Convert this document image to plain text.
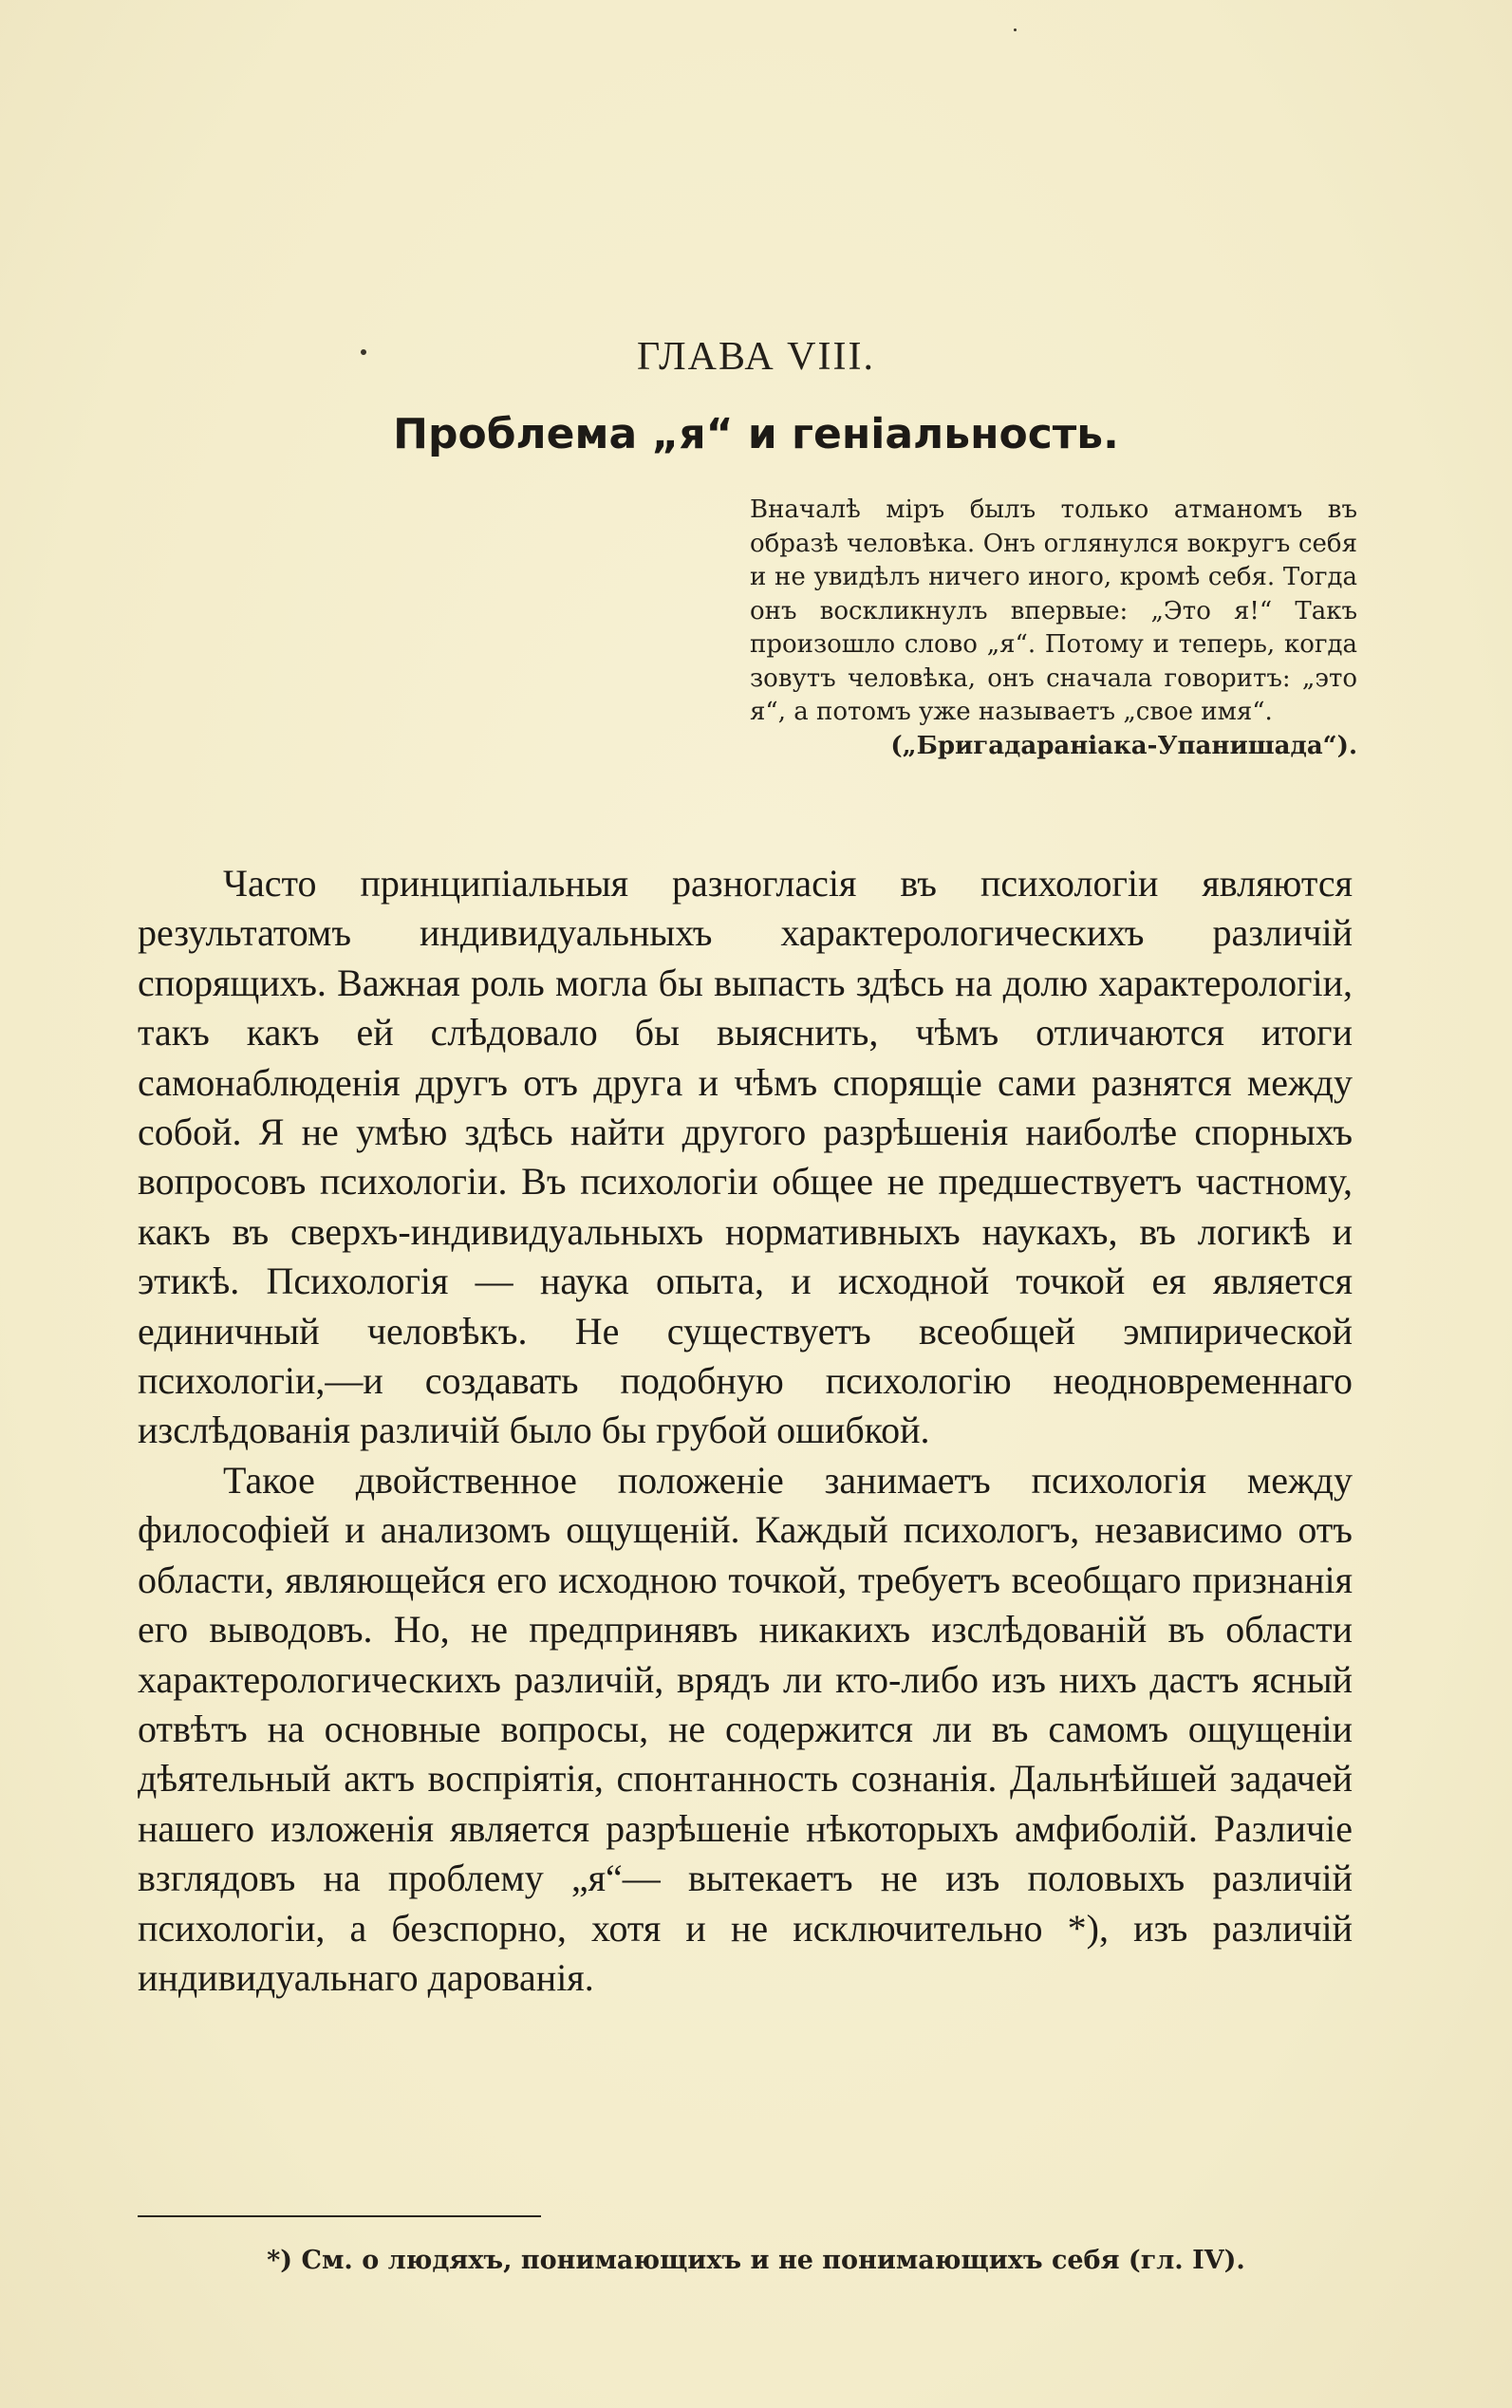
ГЛАВА VIII.
Проблема „я“ и геніальность.
Вначалѣ міръ былъ только атманомъ въ образѣ человѣка. Онъ оглянулся вокругъ себя и не увидѣлъ ничего иного, кромѣ себя. Тогда онъ воскликнулъ впервые: „Это я!“ Такъ произошло слово „я“. Потому и теперь, когда зовутъ человѣка, онъ сначала говоритъ: „это я“, а потомъ уже называетъ „свое имя“.
(„Бригадараніака-Упанишада“).

Часто принципіальныя разногласія въ психологіи являются результатомъ индивидуальныхъ характерологическихъ различій спорящихъ. Важная роль могла бы выпасть здѣсь на долю характерологіи, такъ какъ ей слѣдовало бы выяснить, чѣмъ отличаются итоги самонаблюденія другъ отъ друга и чѣмъ спорящіе сами разнятся между собой. Я не умѣю здѣсь найти другого разрѣшенія наиболѣе спорныхъ вопросовъ психологіи. Въ психологіи общее не предшествуетъ частному, какъ въ сверхъ-индивидуальныхъ нормативныхъ наукахъ, въ логикѣ и этикѣ. Психологія — наука опыта, и исходной точкой ея является единичный человѣкъ. Не существуетъ всеобщей эмпирической психологіи,—и создавать подобную психологію неодновременнаго изслѣдованія различій было бы грубой ошибкой.

Такое двойственное положеніе занимаетъ психологія между философіей и анализомъ ощущеній. Каждый психологъ, независимо отъ области, являющейся его исходною точкой, требуетъ всеобщаго признанія его выводовъ. Но, не предпринявъ никакихъ изслѣдованій въ области характерологическихъ различій, врядъ ли кто-либо изъ нихъ дастъ ясный отвѣтъ на основные вопросы, не содержится ли въ самомъ ощущеніи дѣятельный актъ воспріятія, спонтанность сознанія. Дальнѣйшей задачей нашего изложенія является разрѣшеніе нѣкоторыхъ амфиболій. Различіе взглядовъ на проблему „я“— вытекаетъ не изъ половыхъ различій психологіи, а безспорно, хотя и не исключительно *), изъ различій индивидуальнаго дарованія.

*) См. о людяхъ, понимающихъ и не понимающихъ себя (гл. IV).
